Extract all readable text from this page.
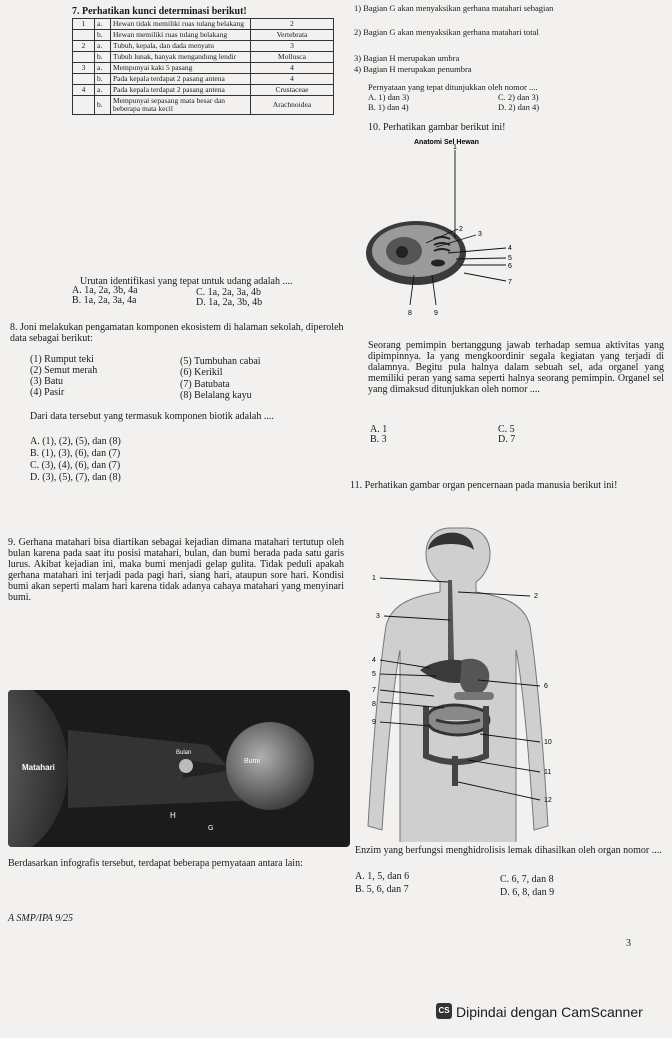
7. Perhatikan kunci determinasi berikut!
1	a.	Hewan tidak memiliki ruas tulang belakang	2
	b.	Hewan memiliki ruas tulang belakang	Vertebrata
2	a.	Tubuh, kepala, dan dada menyatu	3
	b.	Tubuh lunak, banyak mengandung lendir	Mollusca
3	a.	Mempunyai kaki 5 pasang	4
	b.	Pada kepala terdapat 2 pasang antena	4
4	a.	Pada kepala terdapat 2 pasang antena	Crustaceae
	b.	Mempunyai sepasang mata besar dan beberapa mata kecil	Arachnoidea
Urutan identifikasi yang tepat untuk udang adalah ....
A. 1a, 2a, 3b, 4a
B. 1a, 2a, 3a, 4a
C. 1a, 2a, 3a, 4b
D. 1a, 2a, 3b, 4b
1) Bagian G akan menyaksikan gerhana matahari sebagian
2) Bagian G akan menyaksikan gerhana matahari total
3) Bagian H merupakan umbra
4) Bagian H merupakan penumbra
Pernyataan yang tepat ditunjukkan oleh nomor ....
A. 1) dan 3)
B. 1) dan 4)
C. 2) dan 3)
D. 2) dan 4)
10. Perhatikan gambar berikut ini!
Anatomi Sel Hewan
1
2
3
4
5
6
7
8	9
Seorang pemimpin bertanggung jawab terhadap semua aktivitas yang dipimpinnya. Ia yang mengkoordinir segala kegiatan yang terjadi di dalamnya. Begitu pula halnya dalam sebuah sel, ada organel yang memiliki peran yang sama seperti halnya seorang pemimpin. Organel sel yang dimaksud ditunjukkan oleh nomor ....
A. 1
B. 3
C. 5
D. 7
8. Joni melakukan pengamatan komponen ekosistem di halaman sekolah, diperoleh data sebagai berikut:
(1) Rumput teki
(2) Semut merah
(3) Batu
(4) Pasir
(5) Tumbuhan cabai
(6) Kerikil
(7) Batubata
(8) Belalang kayu
Dari data tersebut yang termasuk komponen biotik adalah ....
A. (1), (2), (5), dan (8)
B. (1), (3), (6), dan (7)
C. (3), (4), (6), dan (7)
D. (3), (5), (7), dan (8)
11. Perhatikan gambar organ pencernaan pada manusia berikut ini!
1
2
3
4
5
6
7
8
9
10
11
12
Enzim yang berfungsi menghidrolisis lemak dihasilkan oleh organ nomor ....
A. 1, 5, dan 6
B. 5, 6, dan 7
C. 6, 7, dan 8
D. 6, 8, dan 9
9. Gerhana matahari bisa diartikan sebagai kejadian dimana matahari tertutup oleh bulan karena pada saat itu posisi matahari, bulan, dan bumi berada pada satu garis lurus. Akibat kejadian ini, maka bumi menjadi gelap gulita. Tidak peduli apakah gerhana matahari ini terjadi pada pagi hari, siang hari, ataupun sore hari. Kondisi bumi akan seperti malam hari karena tidak adanya cahaya matahari yang menyinari bumi.
Matahari
Bulan
Bumi
H
G
Berdasarkan infografis tersebut, terdapat beberapa pernyataan antara lain:
A SMP/IPA 9/25
3
CS Dipindai dengan CamScanner
